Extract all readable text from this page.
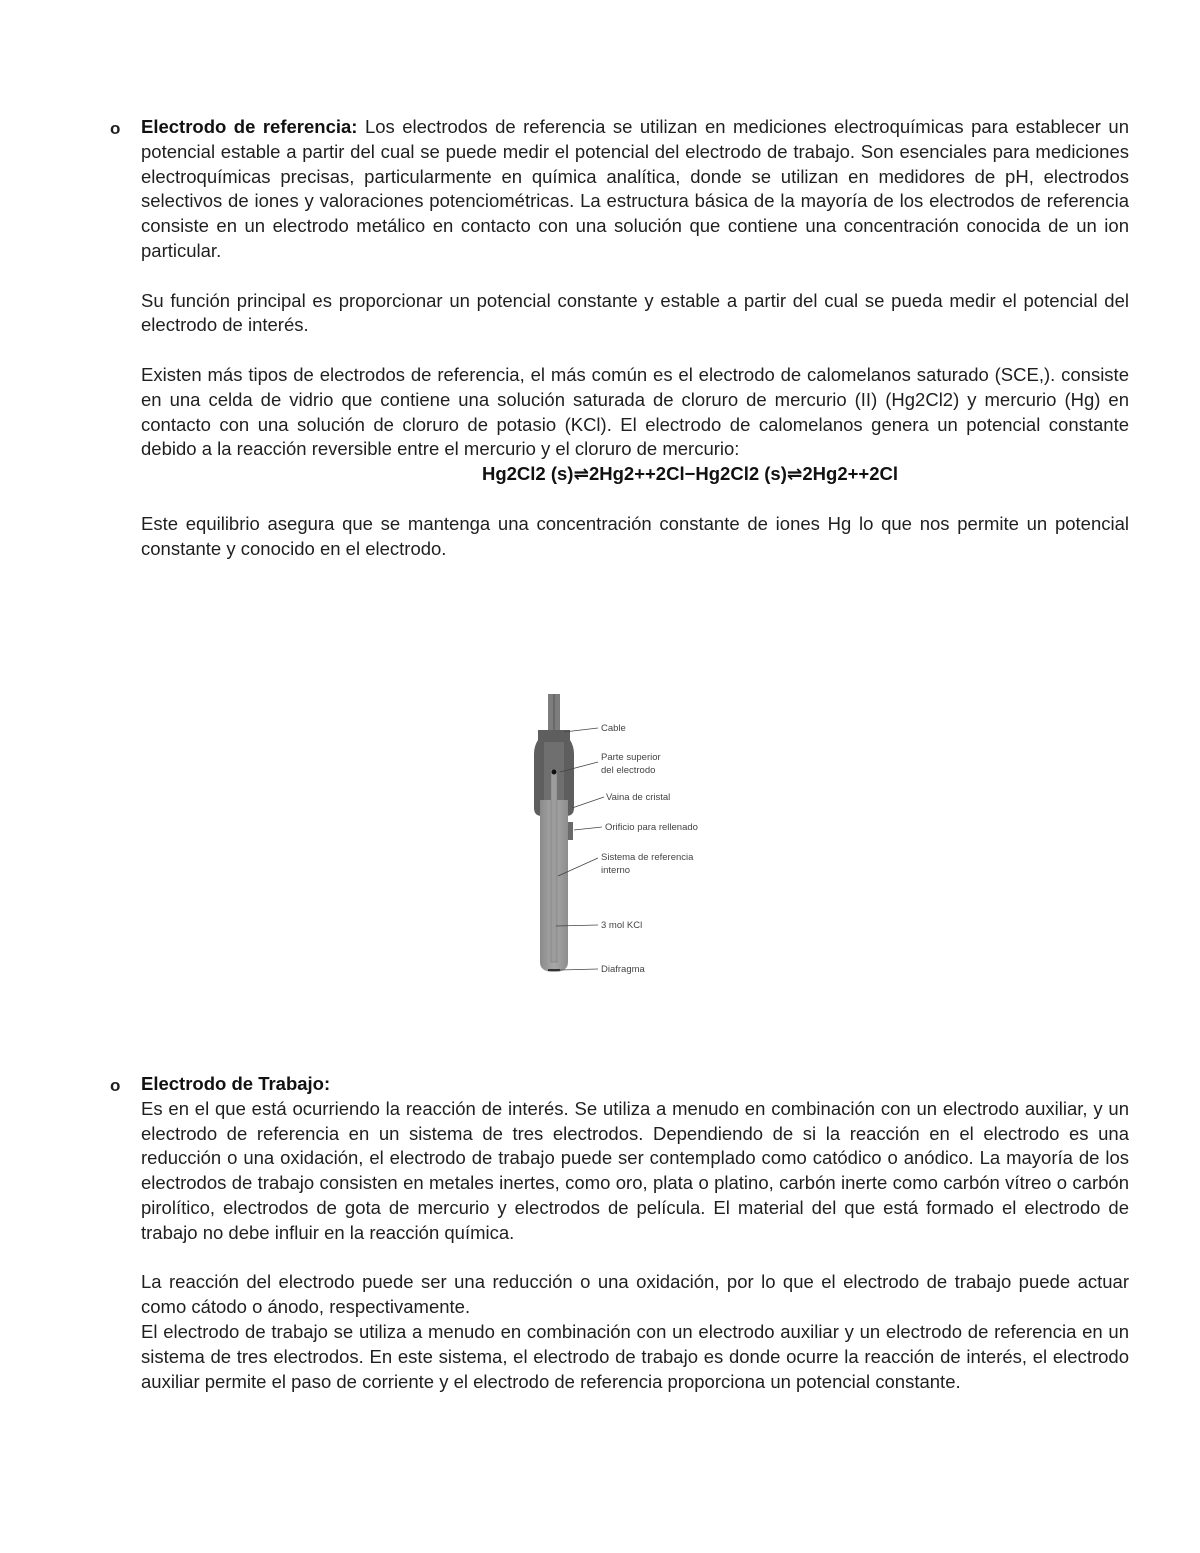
o Electrodo de referencia: Los electrodos de referencia se utilizan en mediciones electroquímicas para establecer un potencial estable a partir del cual se puede medir el potencial del electrodo de trabajo. Son esenciales para mediciones electroquímicas precisas, particularmente en química analítica, donde se utilizan en medidores de pH, electrodos selectivos de iones y valoraciones potenciométricas. La estructura básica de la mayoría de los electrodos de referencia consiste en un electrodo metálico en contacto con una solución que contiene una concentración conocida de un ion particular.

Su función principal es proporcionar un potencial constante y estable a partir del cual se pueda medir el potencial del electrodo de interés.

Existen más tipos de electrodos de referencia, el más común es el electrodo de calomelanos saturado (SCE,). consiste en una celda de vidrio que contiene una solución saturada de cloruro de mercurio (II) (Hg2Cl2) y mercurio (Hg) en contacto con una solución de cloruro de potasio (KCl). El electrodo de calomelanos genera un potencial constante debido a la reacción reversible entre el mercurio y el cloruro de mercurio:

Hg2Cl2 (s)⇌2Hg2++2Cl−Hg2Cl2 (s)⇌2Hg2++2Cl

Este equilibrio asegura que se mantenga una concentración constante de iones Hg lo que nos permite un potencial constante y conocido en el electrodo.

Cable
Parte superior
del electrodo
Vaina de cristal
Orificio para rellenado
Sistema de referencia
interno
3 mol KCl
Diafragma
o Electrodo de Trabajo:

Es en el que está ocurriendo la reacción de interés. Se utiliza a menudo en combinación con un electrodo auxiliar, y un electrodo de referencia en un sistema de tres electrodos. Dependiendo de si la reacción en el electrodo es una reducción o una oxidación, el electrodo de trabajo puede ser contemplado como catódico o anódico. La mayoría de los electrodos de trabajo consisten en metales inertes, como oro, plata o platino, carbón inerte como carbón vítreo o carbón pirolítico, electrodos de gota de mercurio y electrodos de película. El material del que está formado el electrodo de trabajo no debe influir en la reacción química.

La reacción del electrodo puede ser una reducción o una oxidación, por lo que el electrodo de trabajo puede actuar como cátodo o ánodo, respectivamente.

El electrodo de trabajo se utiliza a menudo en combinación con un electrodo auxiliar y un electrodo de referencia en un sistema de tres electrodos. En este sistema, el electrodo de trabajo es donde ocurre la reacción de interés, el electrodo auxiliar permite el paso de corriente y el electrodo de referencia proporciona un potencial constante.
